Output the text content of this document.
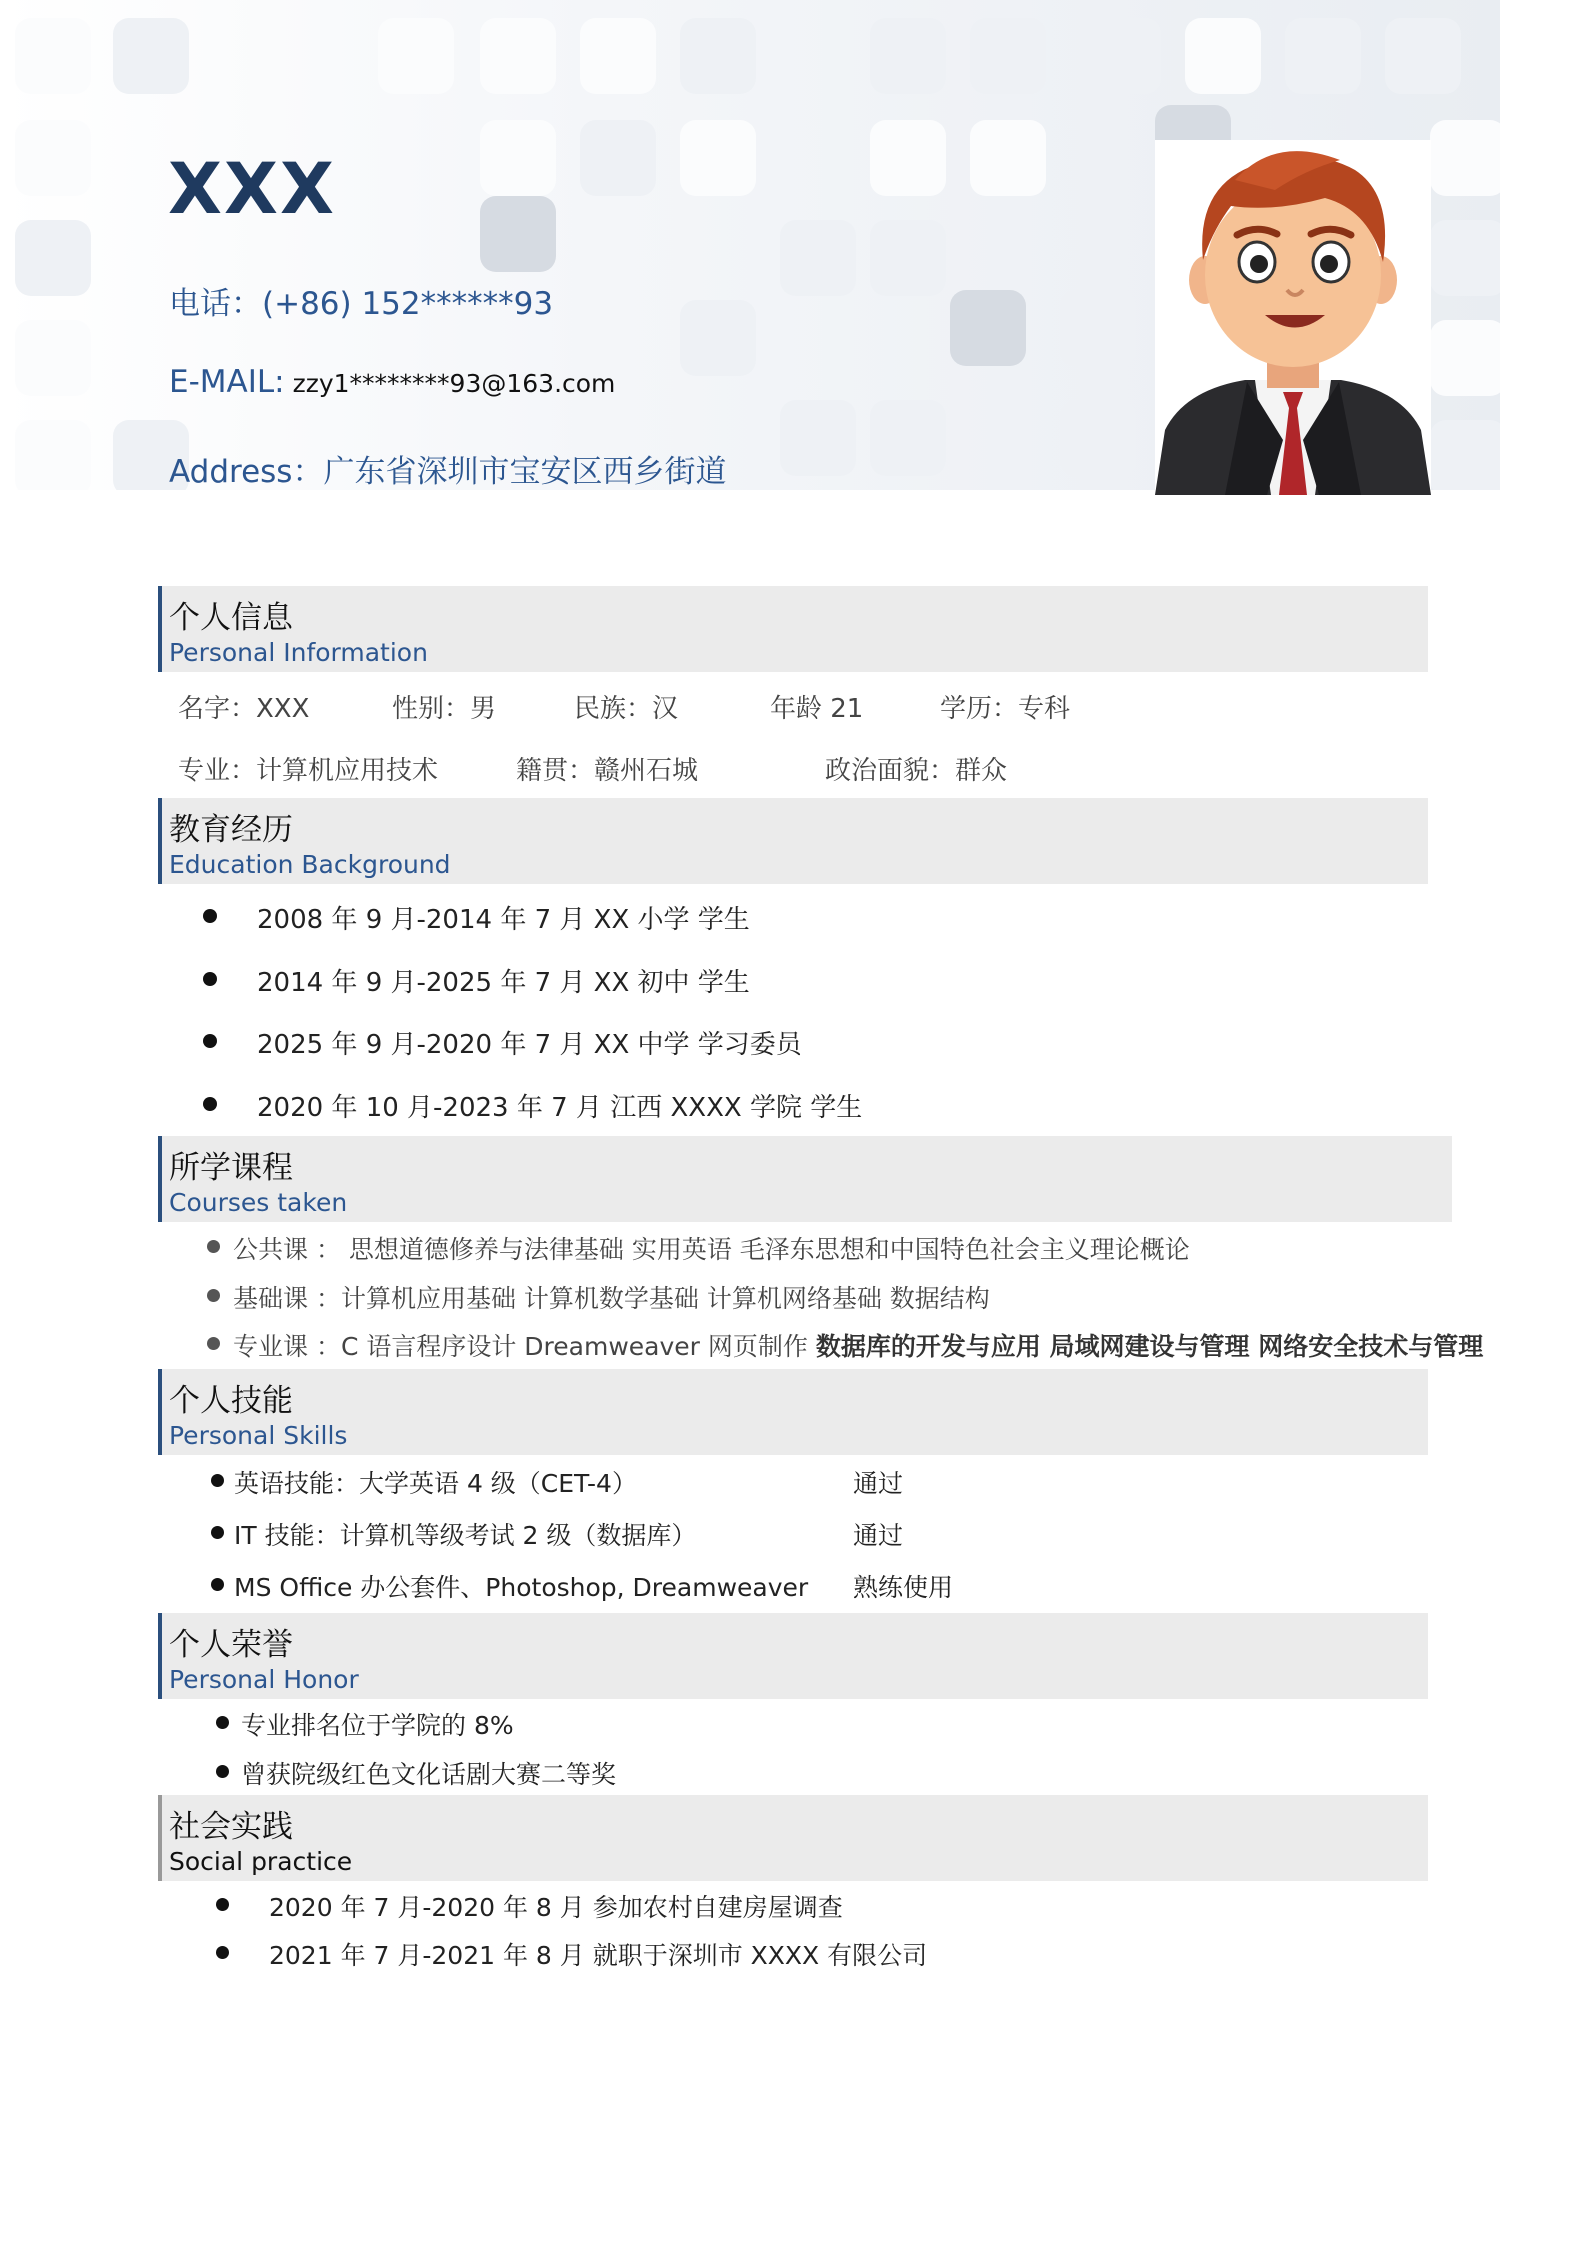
XXX
电话：(+86) 152******93
E-MAIL: zzy1********93@163.com
Address：广东省深圳市宝安区西乡街道
个人信息
Personal Information
名字：XXX	性别：男	民族：汉	年龄 21	学历：专科
专业：计算机应用技术	籍贯：赣州石城	政治面貌：群众
教育经历
Education Background
2008 年 9 月-2014 年 7 月 XX 小学 学生
2014 年 9 月-2025 年 7 月 XX 初中 学生
2025 年 9 月-2020 年 7 月 XX 中学 学习委员
2020 年 10 月-2023 年 7 月 江西 XXXX 学院 学生
所学课程
Courses taken
公共课 ： 思想道德修养与法律基础 实用英语 毛泽东思想和中国特色社会主义理论概论
基础课 ：计算机应用基础 计算机数学基础 计算机网络基础 数据结构
专业课 ：C 语言程序设计 Dreamweaver 网页制作 数据库的开发与应用 局域网建设与管理 网络安全技术与管理
个人技能
Personal Skills
英语技能：大学英语 4 级（CET-4）	通过
IT 技能：计算机等级考试 2 级（数据库）	通过
MS Office 办公套件、Photoshop, Dreamweaver 熟练使用
个人荣誉
Personal Honor
专业排名位于学院的 8%
曾获院级红色文化话剧大赛二等奖
社会实践
Social practice
2020 年 7 月-2020 年 8 月 参加农村自建房屋调查
2021 年 7 月-2021 年 8 月 就职于深圳市 XXXX 有限公司
